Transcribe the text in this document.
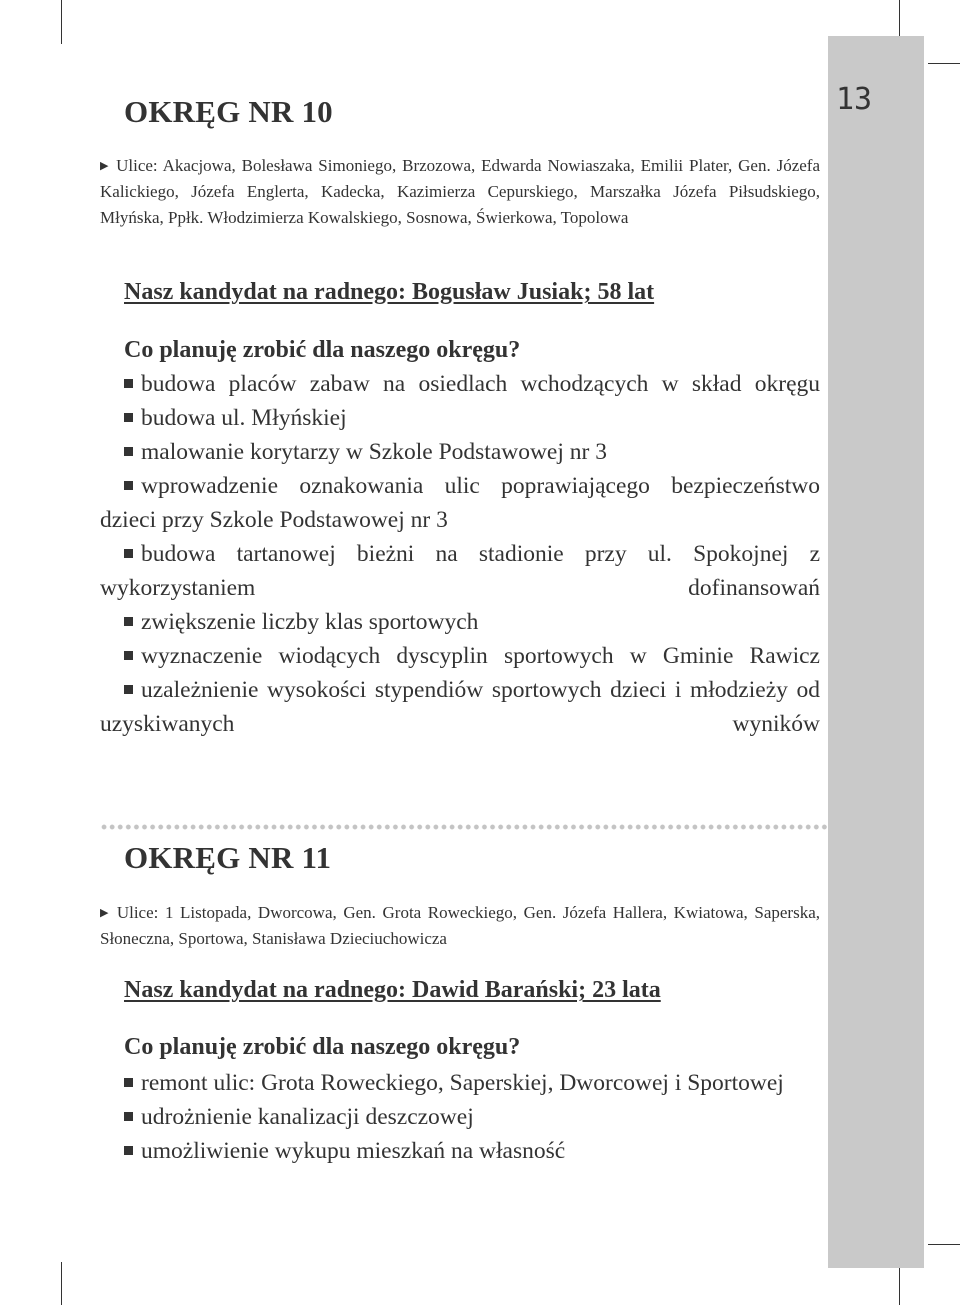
13
OKRĘG NR 10
▶ Ulice: Akacjowa, Bolesława Simoniego, Brzozowa, Edwarda Nowiaszaka, Emilii Plater, Gen. Józefa Kalickiego, Józefa Englerta, Kadecka, Kazimierza Cepurskiego, Marszałka Józefa Piłsudskiego, Młyńska, Ppłk. Włodzimierza Kowalskiego, Sosnowa, Świerkowa, Topolowa
Nasz kandydat na radnego: Bogusław Jusiak; 58 lat
Co planuję zrobić dla naszego okręgu?
budowa placów zabaw na osiedlach wchodzących w skład okręgu
budowa ul. Młyńskiej
malowanie korytarzy w Szkole Podstawowej nr 3
wprowadzenie oznakowania ulic poprawiającego bezpieczeństwo dzieci przy Szkole Podstawowej nr 3
budowa tartanowej bieżni na stadionie przy ul. Spokojnej z wykorzystaniem dofinansowań
zwiększenie liczby klas sportowych
wyznaczenie wiodących dyscyplin sportowych w Gminie Rawicz
uzależnienie wysokości stypendiów sportowych dzieci i młodzieży od uzyskiwanych wyników
OKRĘG NR 11
▶ Ulice: 1 Listopada, Dworcowa, Gen. Grota Roweckiego, Gen. Józefa Hallera, Kwiatowa, Saperska, Słoneczna, Sportowa, Stanisława Dzieciuchowicza
Nasz kandydat na radnego: Dawid Barański; 23 lata
Co planuję zrobić dla naszego okręgu?
remont ulic: Grota Roweckiego, Saperskiej, Dworcowej i Sportowej
udrożnienie kanalizacji deszczowej
umożliwienie wykupu mieszkań na własność
